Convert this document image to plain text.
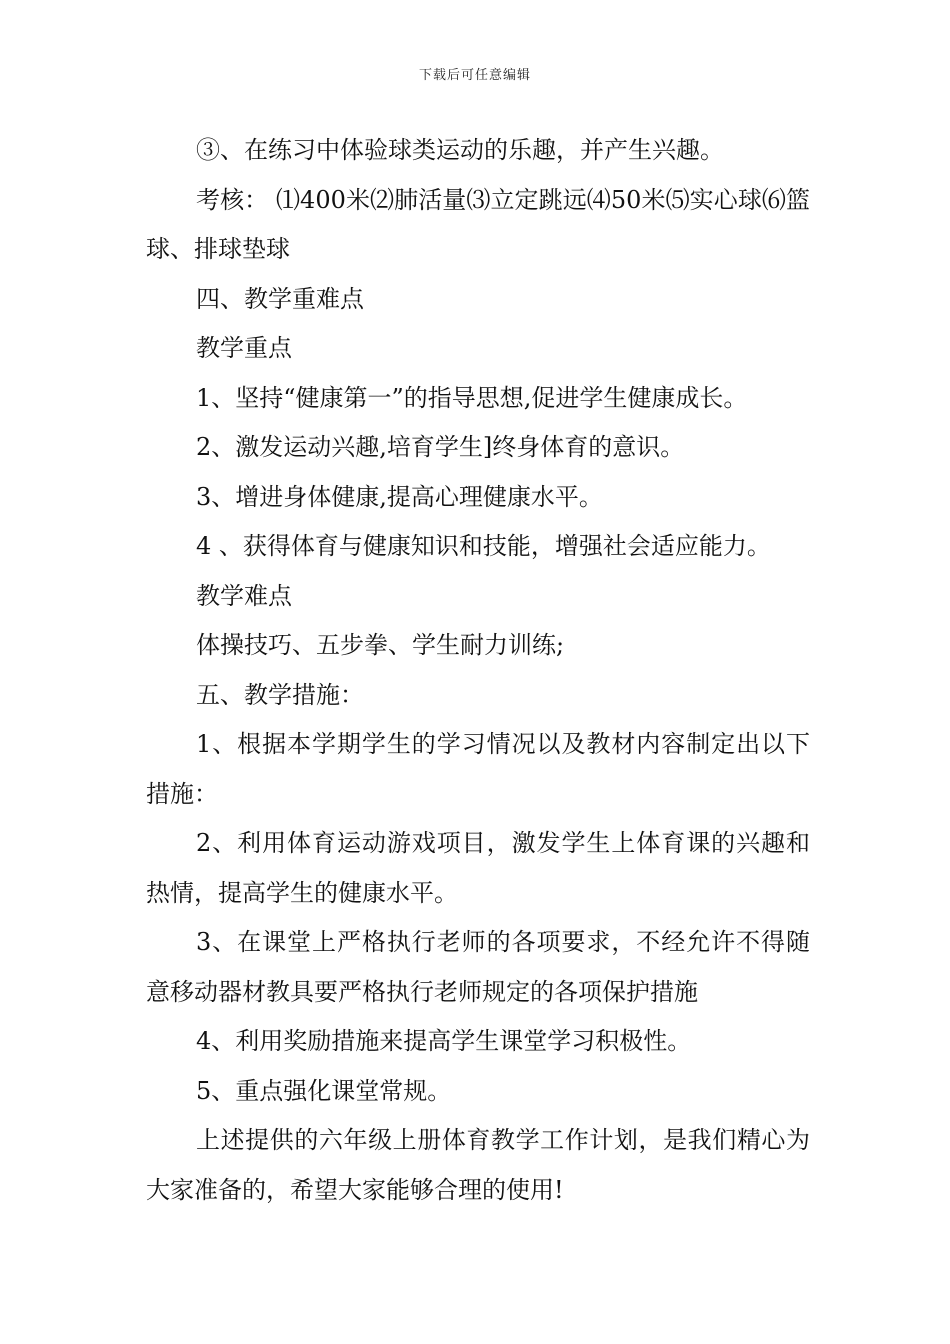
下载后可任意编辑

③、在练习中体验球类运动的乐趣，并产生兴趣。

考核： ⑴400米⑵肺活量⑶立定跳远⑷50米⑸实心球⑹篮球、排球垫球

四、教学重难点

教学重点

1、坚持“健康第一”的指导思想,促进学生健康成长。

2、激发运动兴趣,培育学生]终身体育的意识。

3、增进身体健康,提高心理健康水平。

4 、获得体育与健康知识和技能，增强社会适应能力。

教学难点

体操技巧、五步拳、学生耐力训练;

五、教学措施：

1、根据本学期学生的学习情况以及教材内容制定出以下措施：

2、利用体育运动游戏项目，激发学生上体育课的兴趣和热情，提高学生的健康水平。

3、在课堂上严格执行老师的各项要求，不经允许不得随意移动器材教具要严格执行老师规定的各项保护措施

4、利用奖励措施来提高学生课堂学习积极性。

5、重点强化课堂常规。

上述提供的六年级上册体育教学工作计划，是我们精心为大家准备的，希望大家能够合理的使用!
